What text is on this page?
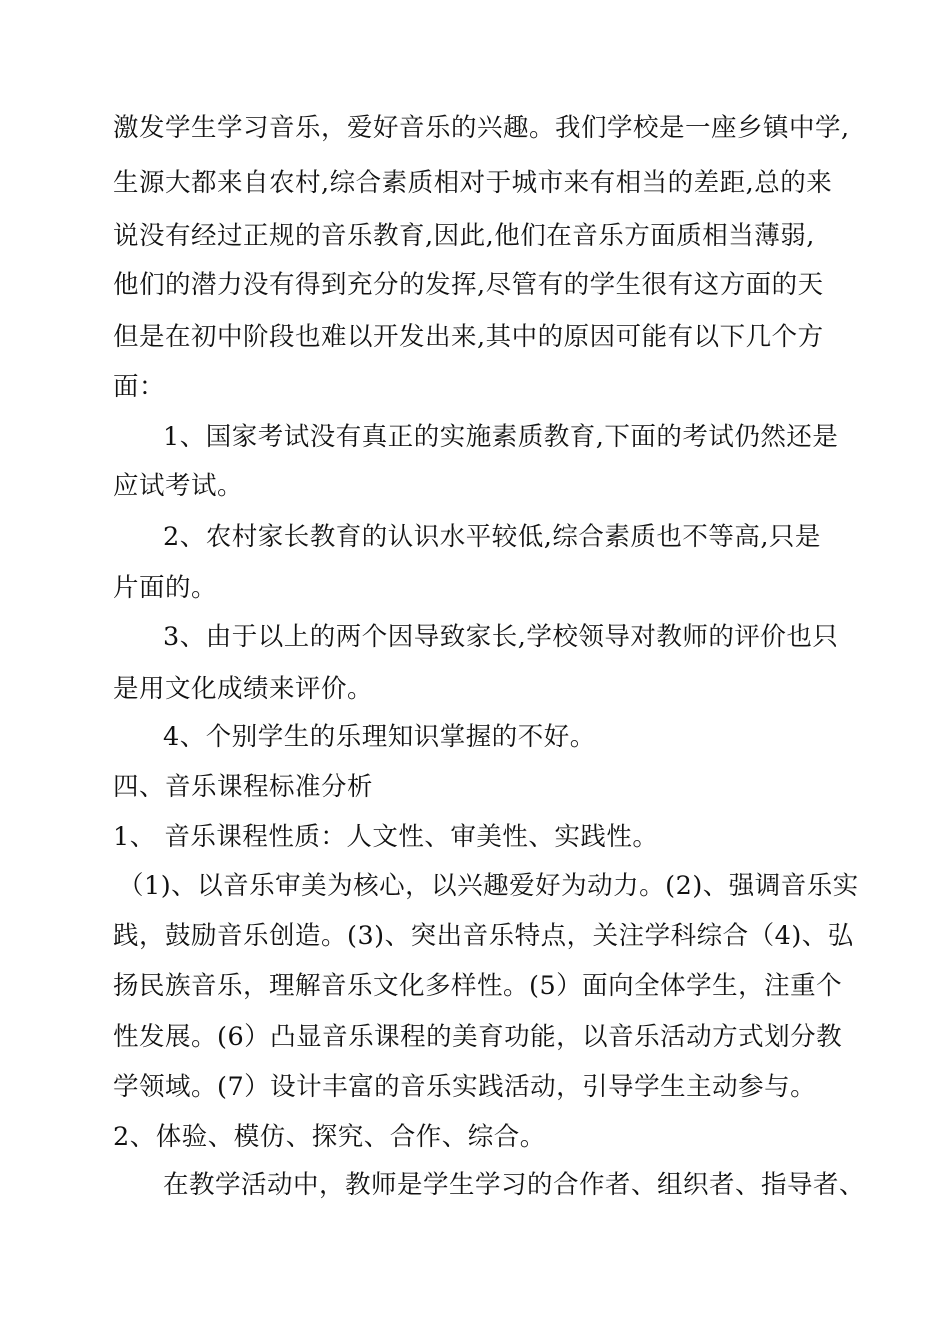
激发学生学习音乐，爱好音乐的兴趣。我们学校是一座乡镇中学,
生源大都来自农村,综合素质相对于城市来有相当的差距,总的来
说没有经过正规的音乐教育,因此,他们在音乐方面质相当薄弱,
他们的潜力没有得到充分的发挥,尽管有的学生很有这方面的天
但是在初中阶段也难以开发出来,其中的原因可能有以下几个方
面：
1、国家考试没有真正的实施素质教育,下面的考试仍然还是
应试考试。
2、农村家长教育的认识水平较低,综合素质也不等高,只是
片面的。
3、由于以上的两个因导致家长,学校领导对教师的评价也只
是用文化成绩来评价。
4、个别学生的乐理知识掌握的不好。
四、音乐课程标准分析
1、 音乐课程性质：人文性、审美性、实践性。
（1)、以音乐审美为核心，以兴趣爱好为动力。(2)、强调音乐实
践，鼓励音乐创造。(3)、突出音乐特点，关注学科综合（4)、弘
扬民族音乐，理解音乐文化多样性。(5）面向全体学生，注重个
性发展。(6）凸显音乐课程的美育功能，以音乐活动方式划分教
学领域。(7）设计丰富的音乐实践活动，引导学生主动参与。
2、体验、模仿、探究、合作、综合。
在教学活动中，教师是学生学习的合作者、组织者、指导者、
